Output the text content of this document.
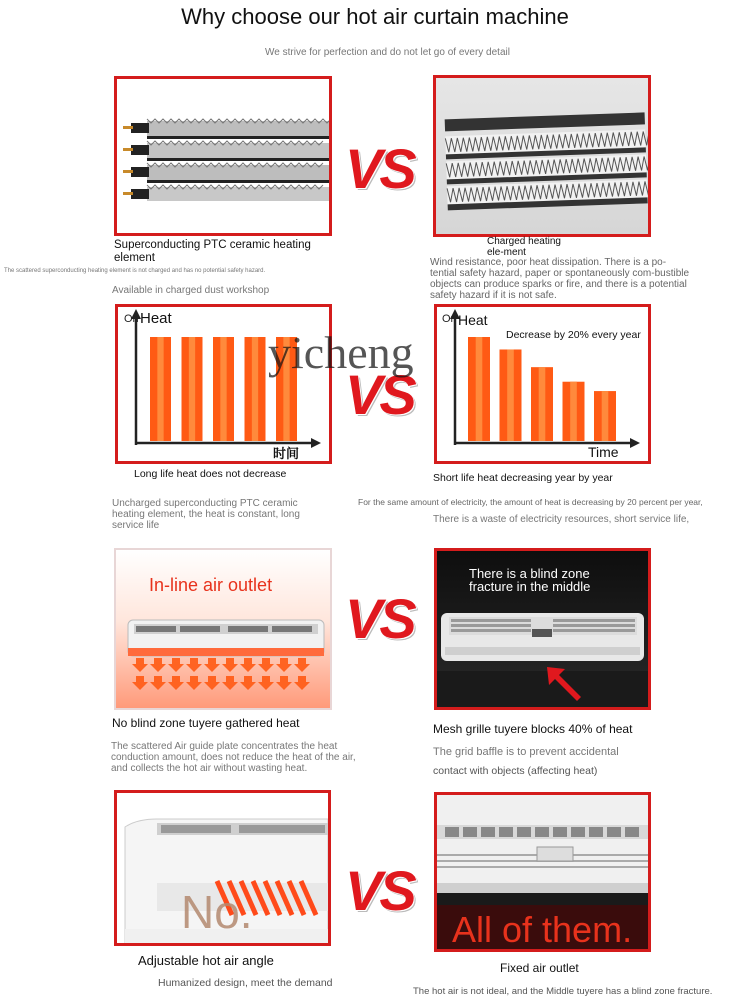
Why choose our hot air curtain machine
We strive for perfection and do not let go of every detail
VS
Superconducting PTC ceramic heating element
The scattered superconducting heating element is not charged and has no potential safety hazard.
Available in charged dust workshop
Charged heating ele-ment
Wind resistance, poor heat dissipation. There is a po-tential safety hazard, paper or spontaneously com-bustible objects can produce sparks or fire, and there is a potential safety hazard if it is not safe.
On Heat
时间
VS
On Heat
Decrease by 20% every year
Time
yicheng
Long life heat does not decrease
Uncharged superconducting PTC ceramic heating element, the heat is constant, long service life
Short life heat decreasing year by year
For the same amount of electricity, the amount of heat is decreasing by 20 percent per year,
There is a waste of electricity resources, short service life,
In-line air outlet
VS
There is a blind zone fracture in the middle
No blind zone tuyere gathered heat
The scattered Air guide plate concentrates the heat conduction amount, does not reduce the heat of the air, and collects the hot air without wasting heat.
Mesh grille tuyere blocks 40% of heat
The grid baffle is to prevent accidental
contact with objects (affecting heat)
No. VS
All of them.
Adjustable hot air angle
Humanized design, meet the demand
Fixed air outlet
The hot air is not ideal, and the Middle tuyere has a blind zone fracture.
